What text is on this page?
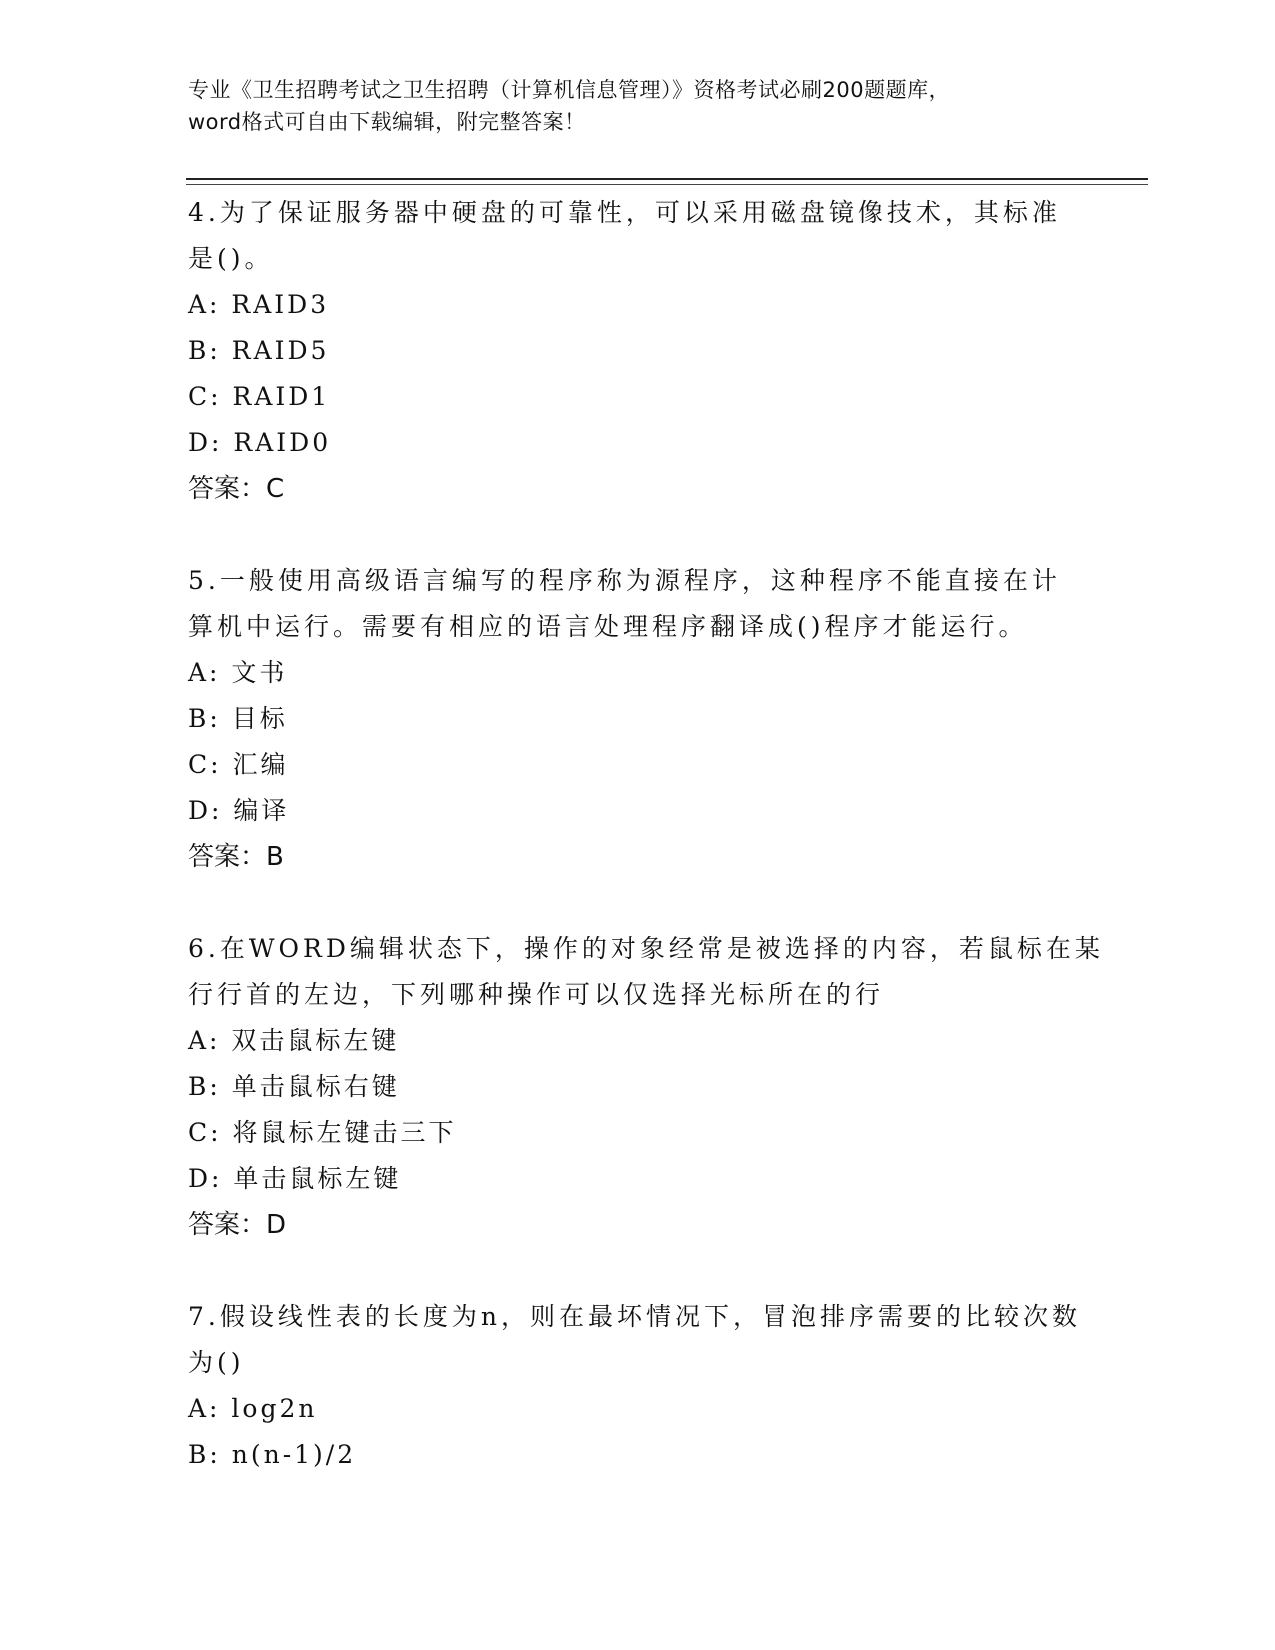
专业《卫生招聘考试之卫生招聘（计算机信息管理）》资格考试必刷200题题库，
word格式可自由下载编辑，附完整答案！
4.为了保证服务器中硬盘的可靠性，可以采用磁盘镜像技术，其标准
是()。
A: RAID3
B: RAID5
C: RAID1
D: RAID0
答案：C
5.一般使用高级语言编写的程序称为源程序，这种程序不能直接在计
算机中运行。需要有相应的语言处理程序翻译成()程序才能运行。
A: 文书
B: 目标
C: 汇编
D: 编译
答案：B
6.在WORD编辑状态下，操作的对象经常是被选择的内容，若鼠标在某
行行首的左边，下列哪种操作可以仅选择光标所在的行
A: 双击鼠标左键
B: 单击鼠标右键
C: 将鼠标左键击三下
D: 单击鼠标左键
答案：D
7.假设线性表的长度为n，则在最坏情况下，冒泡排序需要的比较次数
为()
A: log2n
B: n(n-1)/2
